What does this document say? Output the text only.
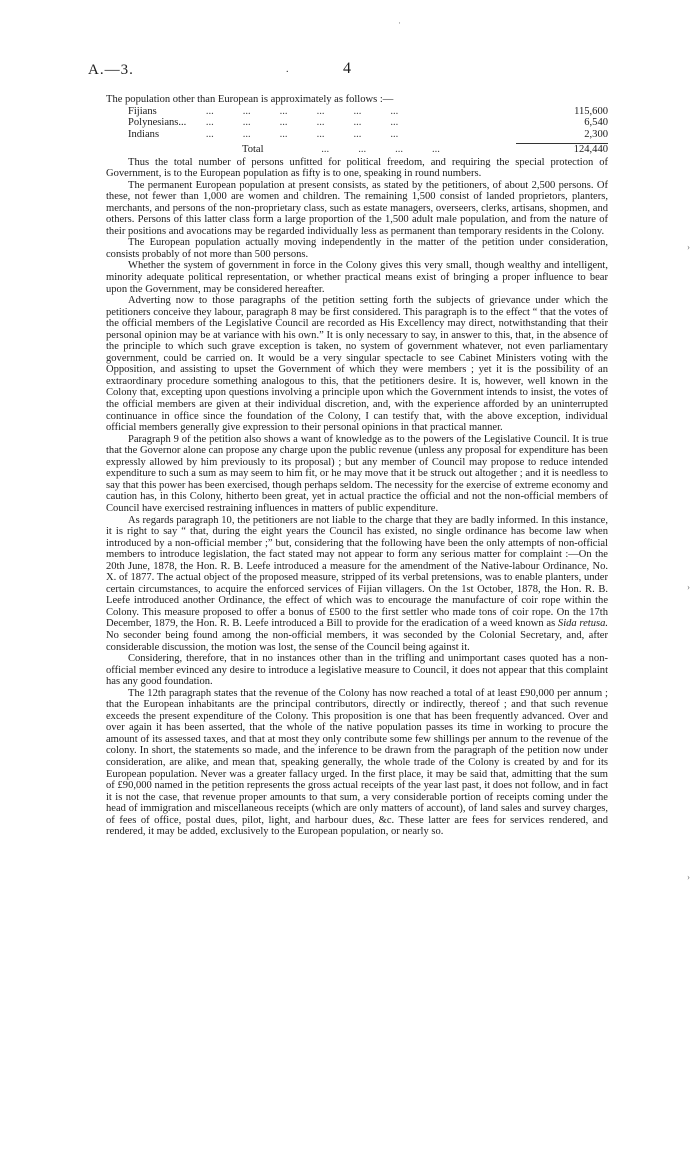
A.—3.	.	4

The population other than European is approximately as follows :—

Fijians	...           ...           ...           ...           ...           ...	115,600
Polynesians... ...           ...           ...           ...           ...           ...	6,540
Indians	...           ...           ...           ...           ...           ...	2,300
Total	...           ...           ...           ...	124,440

Thus the total number of persons unfitted for political freedom, and requiring the special protection of Government, is to the European population as fifty is to one, speaking in round numbers.

The permanent European population at present consists, as stated by the petitioners, of about 2,500 persons. Of these, not fewer than 1,000 are women and children. The remaining 1,500 consist of landed proprietors, planters, merchants, and persons of the non-proprietary class, such as estate managers, overseers, clerks, artisans, shopmen, and others. Persons of this latter class form a large proportion of the 1,500 adult male population, and from the nature of their positions and avocations may be regarded individually less as permanent than temporary residents in the Colony.

The European population actually moving independently in the matter of the petition under consideration, consists probably of not more than 500 persons.

Whether the system of government in force in the Colony gives this very small, though wealthy and intelligent, minority adequate political representation, or whether practical means exist of bringing a proper influence to bear upon the Government, may be considered hereafter.

Adverting now to those paragraphs of the petition setting forth the subjects of grievance under which the petitioners conceive they labour, paragraph 8 may be first considered. This paragraph is to the effect “ that the votes of the official members of the Legislative Council are recorded as His Excellency may direct, notwithstanding that their personal opinion may be at variance with his own.” It is only necessary to say, in answer to this, that, in the absence of the principle to which such grave exception is taken, no system of government whatever, not even parliamentary government, could be carried on. It would be a very singular spectacle to see Cabinet Ministers voting with the Opposition, and assisting to upset the Government of which they were members ; yet it is the possibility of an extraordinary procedure something analogous to this, that the petitioners desire. It is, however, well known in the Colony that, excepting upon questions involving a principle upon which the Government intends to insist, the votes of the official members are given at their individual discretion, and, with the experience afforded by an uninterrupted continuance in office since the foundation of the Colony, I can testify that, with the above exception, individual official members generally give expression to their personal opinions in that practical manner.

Paragraph 9 of the petition also shows a want of knowledge as to the powers of the Legislative Council. It is true that the Governor alone can propose any charge upon the public revenue (unless any proposal for expenditure has been expressly allowed by him previously to its proposal) ; but any member of Council may propose to reduce intended expenditure to such a sum as may seem to him fit, or he may move that it be struck out altogether ; and it is needless to say that this power has been exercised, though perhaps seldom. The necessity for the exercise of extreme economy and caution has, in this Colony, hitherto been great, yet in actual practice the official and not the non-official members of Council have exercised restraining influences in matters of public expenditure.

As regards paragraph 10, the petitioners are not liable to the charge that they are badly informed. In this instance, it is right to say “ that, during the eight years the Council has existed, no single ordinance has become law when introduced by a non-official member ;” but, considering that the following have been the only attempts of non-official members to introduce legislation, the fact stated may not appear to form any serious matter for complaint :—On the 20th June, 1878, the Hon. R. B. Leefe introduced a measure for the amendment of the Native-labour Ordinance, No. X. of 1877. The actual object of the proposed measure, stripped of its verbal pretensions, was to enable planters, under certain circumstances, to acquire the enforced services of Fijian villagers. On the 1st October, 1878, the Hon. R. B. Leefe introduced another Ordinance, the effect of which was to encourage the manufacture of coir rope within the Colony. This measure proposed to offer a bonus of £500 to the first settler who made tons of coir rope. On the 17th December, 1879, the Hon. R. B. Leefe introduced a Bill to provide for the eradication of a weed known as Sida retusa. No seconder being found among the non-official members, it was seconded by the Colonial Secretary, and, after considerable discussion, the motion was lost, the sense of the Council being against it.

Considering, therefore, that in no instances other than in the trifling and unimportant cases quoted has a non-official member evinced any desire to introduce a legislative measure to Council, it does not appear that this complaint has any good foundation.

The 12th paragraph states that the revenue of the Colony has now reached a total of at least £90,000 per annum ; that the European inhabitants are the principal contributors, directly or indirectly, thereof ; and that such revenue exceeds the present expenditure of the Colony. This proposition is one that has been frequently advanced. Over and over again it has been asserted, that the whole of the native population passes its time in working to procure the amount of its assessed taxes, and that at most they only contribute some few shillings per annum to the revenue of the colony. In short, the statements so made, and the inference to be drawn from the paragraph of the petition now under consideration, are alike, and mean that, speaking generally, the whole trade of the Colony is created by and for its European population. Never was a greater fallacy urged. In the first place, it may be said that, admitting that the sum of £90,000 named in the petition represents the gross actual receipts of the year last past, it does not follow, and in fact it is not the case, that revenue proper amounts to that sum, a very considerable portion of receipts coming under the head of immigration and miscellaneous receipts (which are only matters of account), of land sales and survey charges, of fees of office, postal dues, pilot, light, and harbour dues, &c. These latter are fees for services rendered, and rendered, it may be added, exclusively to the European population, or nearly so.

·
›
›
›
